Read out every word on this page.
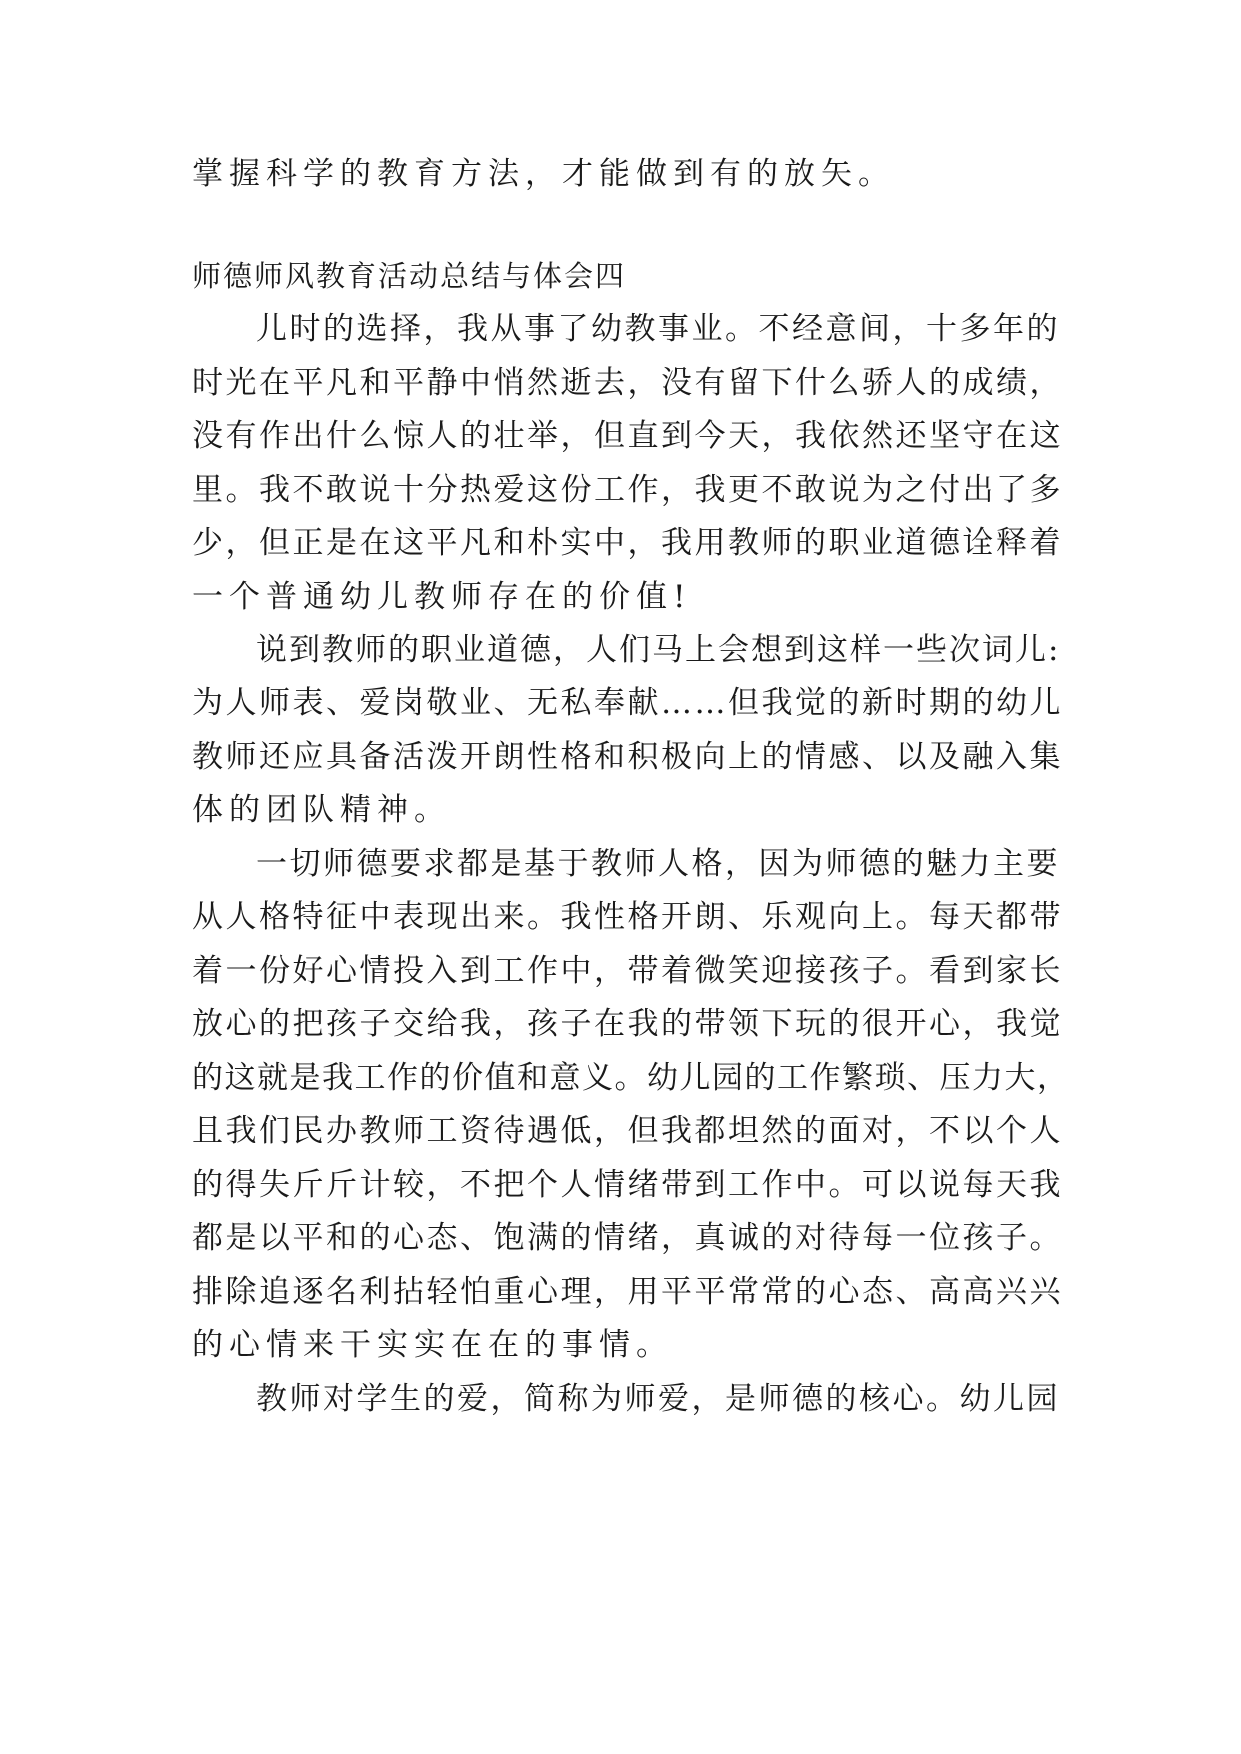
掌握科学的教育方法，才能做到有的放矢。

师德师风教育活动总结与体会四

儿时的选择，我从事了幼教事业。不经意间，十多年的

时光在平凡和平静中悄然逝去，没有留下什么骄人的成绩，

没有作出什么惊人的壮举，但直到今天，我依然还坚守在这

里。我不敢说十分热爱这份工作，我更不敢说为之付出了多

少，但正是在这平凡和朴实中，我用教师的职业道德诠释着

一个普通幼儿教师存在的价值!

说到教师的职业道德，人们马上会想到这样一些次词儿:

为人师表、爱岗敬业、无私奉献……但我觉的新时期的幼儿

教师还应具备活泼开朗性格和积极向上的情感、以及融入集

体的团队精神。

一切师德要求都是基于教师人格，因为师德的魅力主要

从人格特征中表现出来。我性格开朗、乐观向上。每天都带

着一份好心情投入到工作中，带着微笑迎接孩子。看到家长

放心的把孩子交给我，孩子在我的带领下玩的很开心，我觉

的这就是我工作的价值和意义。幼儿园的工作繁琐、压力大，

且我们民办教师工资待遇低，但我都坦然的面对，不以个人

的得失斤斤计较，不把个人情绪带到工作中。可以说每天我

都是以平和的心态、饱满的情绪，真诚的对待每一位孩子。

排除追逐名利拈轻怕重心理，用平平常常的心态、高高兴兴

的心情来干实实在在的事情。

教师对学生的爱，简称为师爱，是师德的核心。幼儿园
